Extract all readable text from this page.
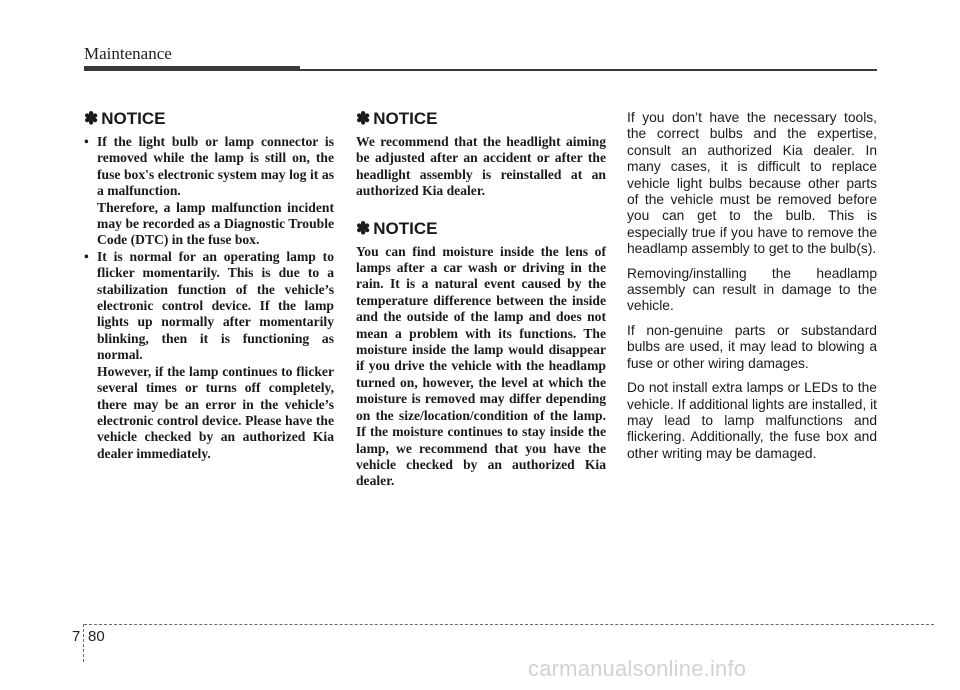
Maintenance
✽ NOTICE
• If the light bulb or lamp connector is removed while the lamp is still on, the fuse box's electronic system may log it as a malfunction.

Therefore, a lamp malfunction incident may be recorded as a Diagnostic Trouble Code (DTC) in the fuse box.

• It is normal for an operating lamp to flicker momentarily. This is due to a stabilization function of the vehicle’s electronic control device. If the lamp lights up normally after momentarily blinking, then it is functioning as normal.

However, if the lamp continues to flicker several times or turns off completely, there may be an error in the vehicle’s electronic control device. Please have the vehicle checked by an authorized Kia dealer immediately.

✽ NOTICE

We recommend that the headlight aiming be adjusted after an accident or after the headlight assembly is reinstalled at an authorized Kia dealer.

✽ NOTICE

You can find moisture inside the lens of lamps after a car wash or driving in the rain. It is a natural event caused by the temperature difference between the inside and the outside of the lamp and does not mean a problem with its functions. The moisture inside the lamp would disappear if you drive the vehicle with the headlamp turned on, however, the level at which the moisture is removed may differ depending on the size/location/condition of the lamp. If the moisture continues to stay inside the lamp, we recommend that you have the vehicle checked by an authorized Kia dealer.

If you don’t have the necessary tools, the correct bulbs and the expertise, consult an authorized Kia dealer. In many cases, it is difficult to replace vehicle light bulbs because other parts of the vehicle must be removed before you can get to the bulb. This is especially true if you have to remove the headlamp assembly to get to the bulb(s).

Removing/installing the headlamp assembly can result in damage to the vehicle.

If non-genuine parts or substandard bulbs are used, it may lead to blowing a fuse or other wiring damages.

Do not install extra lamps or LEDs to the vehicle. If additional lights are installed, it may lead to lamp malfunctions and flickering. Additionally, the fuse box and other writing may be damaged.

7 80
carmanualsonline.info
